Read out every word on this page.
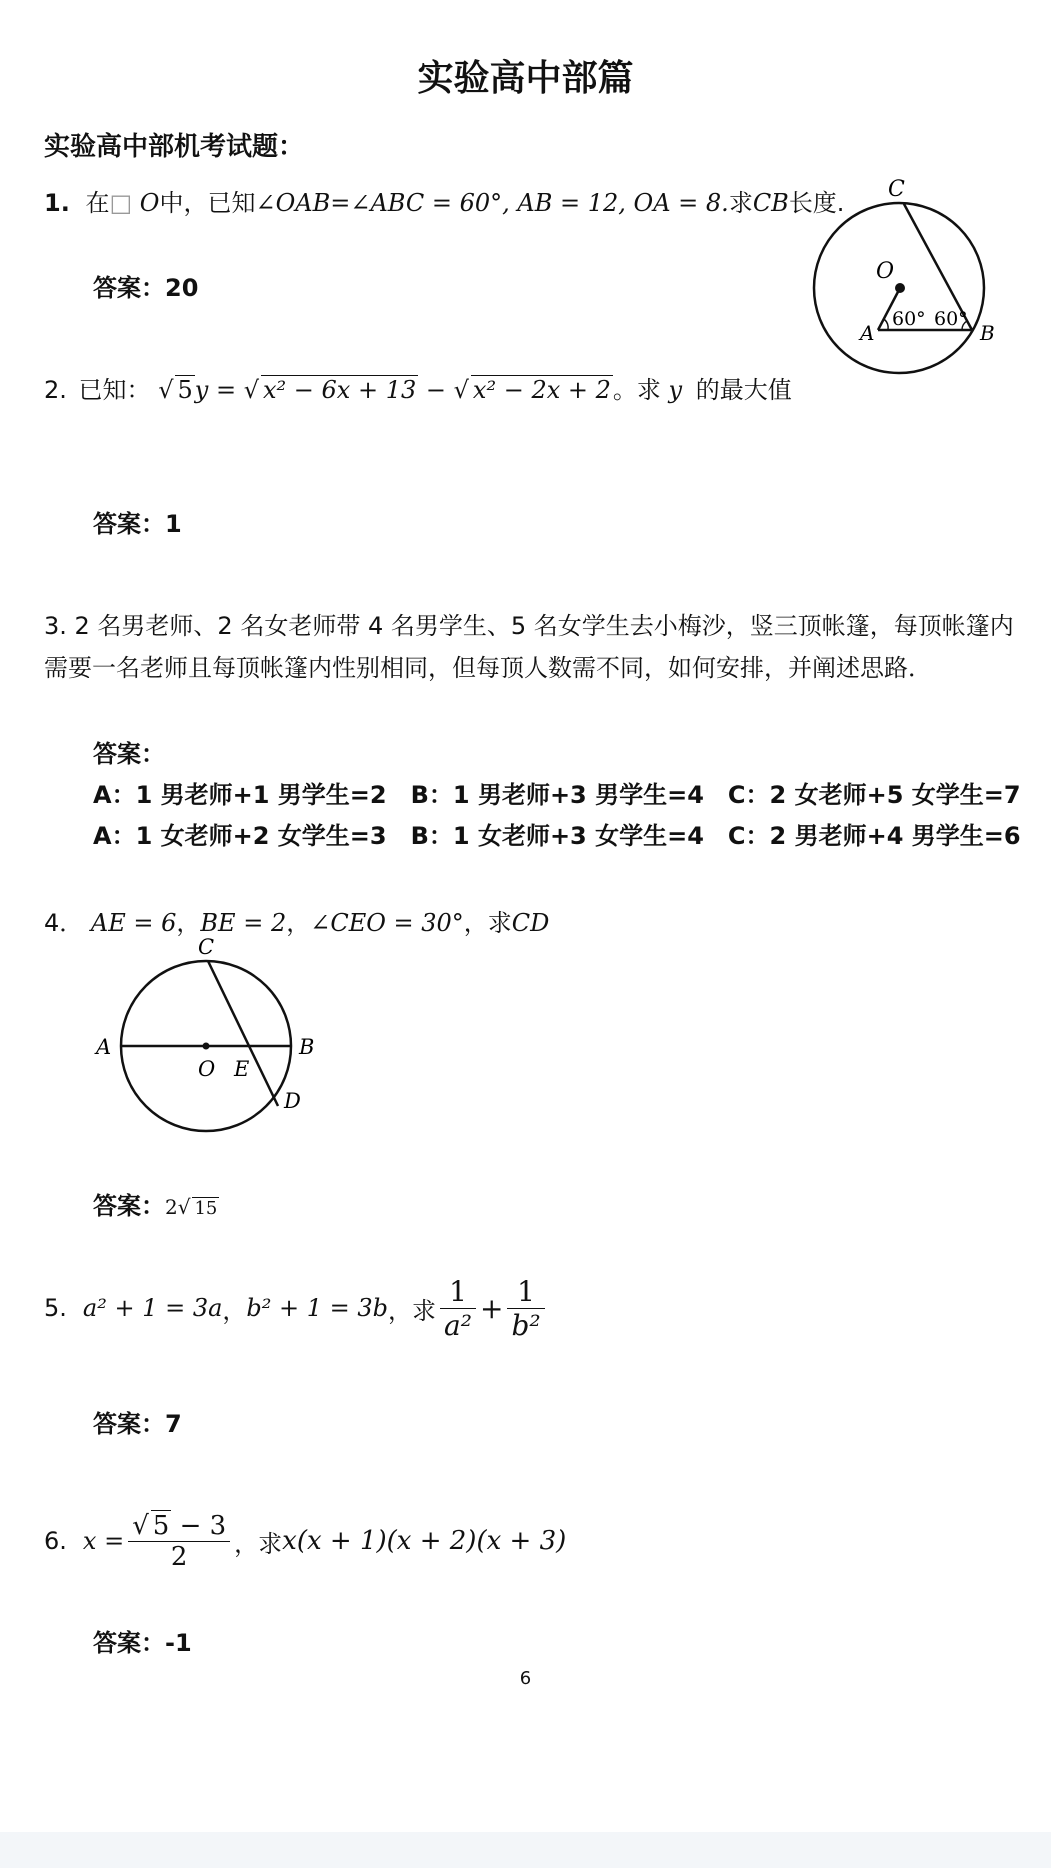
实验高中部篇
实验高中部机考试题：
1. 在□ O中，已知∠OAB=∠ABC = 60°, AB = 12, OA = 8.求CB长度.
答案：20
C
O
A	B
60° 60°
2. 已知： √ 5y = √ x² − 6x + 13 − √ x² − 2x + 2。求 y 的最大值
答案：1
3. 2 名男老师、2 名女老师带 4 名男学生、5 名女学生去小梅沙，竖三顶帐篷，每顶帐篷内
需要一名老师且每顶帐篷内性别相同，但每顶人数需不同，如何安排，并阐述思路．
答案：
A：1 男老师+1 男学生=2　B：1 男老师+3 男学生=4　C：2 女老师+5 女学生=7
A：1 女老师+2 女学生=3　B：1 女老师+3 女学生=4　C：2 男老师+4 男学生=6
4． AE = 6，BE = 2，∠CEO = 30°，求CD
C
A	B
O E
D
答案：2√ 15
5. a² + 1 = 3a ， b² + 1 = 3b ，求 $\frac{1}{\text{a²}} + \frac{1}{\text{b²}}$
答案：7
6. $x = \frac{√ 5 - 3}{2}$ ，求 x(x + 1)(x + 2)(x + 3)
答案：-1
6
